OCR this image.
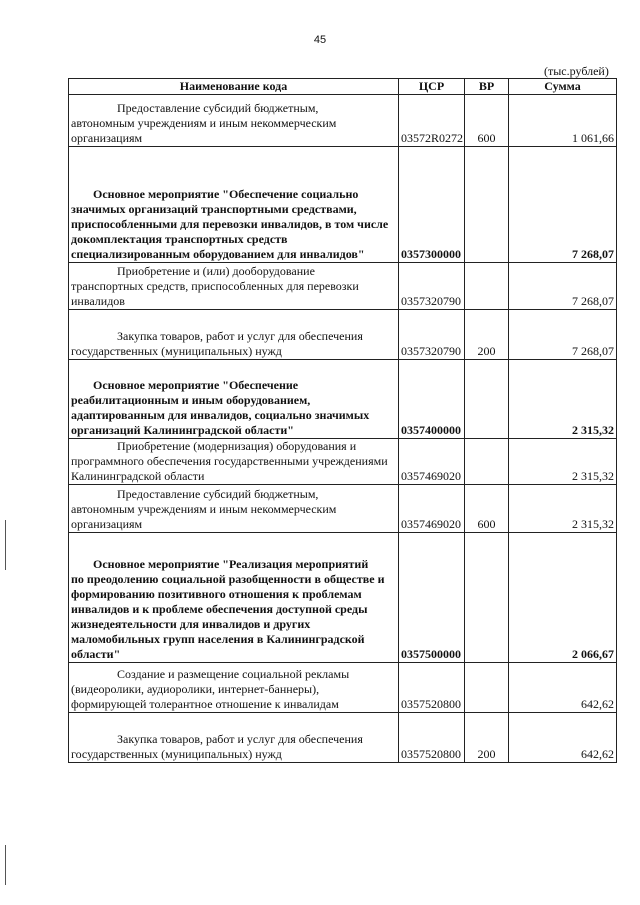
45
(тыс.рублей)
Наименование кода	ЦСР	ВР	Сумма

Предоставление субсидий бюджетным,
автономным учреждениям и иным некоммерческим организациям	03572R0272	600	1 061,66

Основное мероприятие "Обеспечение социально
значимых организаций транспортными средствами, приспособленными для перевозки инвалидов, в том числе докомплектация транспортных средств специализированным оборудованием для инвалидов"	0357300000		7 268,07

Приобретение и (или) дооборудование
транспортных средств, приспособленных для перевозки инвалидов	0357320790		7 268,07

Закупка товаров, работ и услуг для обеспечения
государственных (муниципальных) нужд	0357320790	200	7 268,07

Основное мероприятие "Обеспечение
реабилитационным и иным оборудованием, адаптированным для инвалидов, социально значимых организаций Калининградской области"	0357400000		2 315,32

Приобретение (модернизация) оборудования и
программного обеспечения государственными учреждениями Калининградской области	0357469020		2 315,32

Предоставление субсидий бюджетным,
автономным учреждениям и иным некоммерческим организациям	0357469020	600	2 315,32

Основное мероприятие "Реализация мероприятий
по преодолению социальной разобщенности в обществе и формированию позитивного отношения к проблемам инвалидов и к проблеме обеспечения доступной среды жизнедеятельности для инвалидов и других маломобильных групп населения в Калининградской области"	0357500000		2 066,67

Создание и размещение социальной рекламы
(видеоролики, аудиоролики, интернет-баннеры), формирующей толерантное отношение к инвалидам	0357520800		642,62

Закупка товаров, работ и услуг для обеспечения
государственных (муниципальных) нужд	0357520800	200	642,62
